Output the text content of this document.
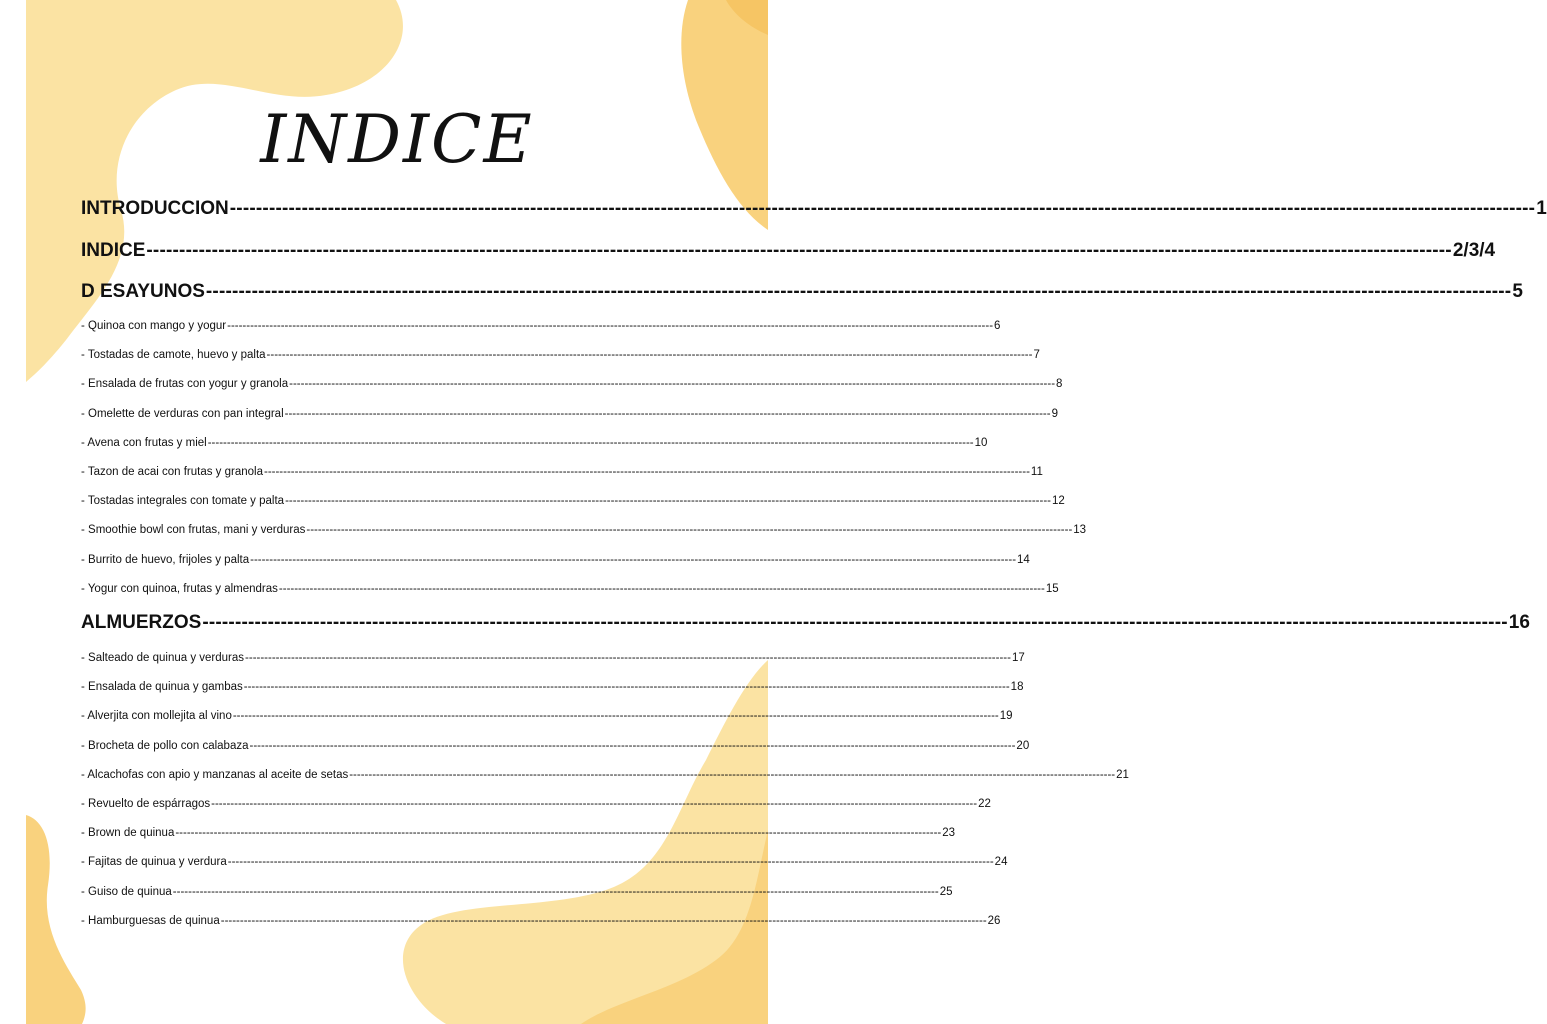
INDICE
INTRODUCCION -------------------------------------------------------------------------------------------------------------------------------------------------------------------------------------------------------- 1
INDICE -------------------------------------------------------------------------------------------------------------------------------------------------------------------------------------------------------- 2/3/4
D ESAYUNOS -------------------------------------------------------------------------------------------------------------------------------------------------------------------------------------------------------- 5
- Quinoa con mango y yogur -------------------------------------------------------------------------------------------------------------------------------------------------------------------------------------------------------- 6
- Tostadas de camote, huevo y palta -------------------------------------------------------------------------------------------------------------------------------------------------------------------------------------------------------- 7
- Ensalada de frutas con yogur y granola -------------------------------------------------------------------------------------------------------------------------------------------------------------------------------------------------------- 8
- Omelette de verduras con pan integral -------------------------------------------------------------------------------------------------------------------------------------------------------------------------------------------------------- 9
- Avena con frutas y miel -------------------------------------------------------------------------------------------------------------------------------------------------------------------------------------------------------- 10
- Tazon de acai con frutas y granola -------------------------------------------------------------------------------------------------------------------------------------------------------------------------------------------------------- 11
- Tostadas integrales con tomate y palta -------------------------------------------------------------------------------------------------------------------------------------------------------------------------------------------------------- 12
- Smoothie bowl con frutas, mani y verduras -------------------------------------------------------------------------------------------------------------------------------------------------------------------------------------------------------- 13
- Burrito de huevo, frijoles y palta -------------------------------------------------------------------------------------------------------------------------------------------------------------------------------------------------------- 14
- Yogur con quinoa, frutas y almendras -------------------------------------------------------------------------------------------------------------------------------------------------------------------------------------------------------- 15
ALMUERZOS -------------------------------------------------------------------------------------------------------------------------------------------------------------------------------------------------------- 16
- Salteado de quinua y verduras -------------------------------------------------------------------------------------------------------------------------------------------------------------------------------------------------------- 17
- Ensalada de quinua y gambas -------------------------------------------------------------------------------------------------------------------------------------------------------------------------------------------------------- 18
- Alverjita con mollejita al vino -------------------------------------------------------------------------------------------------------------------------------------------------------------------------------------------------------- 19
- Brocheta de pollo con calabaza -------------------------------------------------------------------------------------------------------------------------------------------------------------------------------------------------------- 20
- Alcachofas con apio y manzanas al aceite de setas -------------------------------------------------------------------------------------------------------------------------------------------------------------------------------------------------------- 21
- Revuelto de espárragos -------------------------------------------------------------------------------------------------------------------------------------------------------------------------------------------------------- 22
- Brown de quinua -------------------------------------------------------------------------------------------------------------------------------------------------------------------------------------------------------- 23
- Fajitas de quinua y verdura -------------------------------------------------------------------------------------------------------------------------------------------------------------------------------------------------------- 24
- Guiso de quinua -------------------------------------------------------------------------------------------------------------------------------------------------------------------------------------------------------- 25
- Hamburguesas de quinua -------------------------------------------------------------------------------------------------------------------------------------------------------------------------------------------------------- 26
